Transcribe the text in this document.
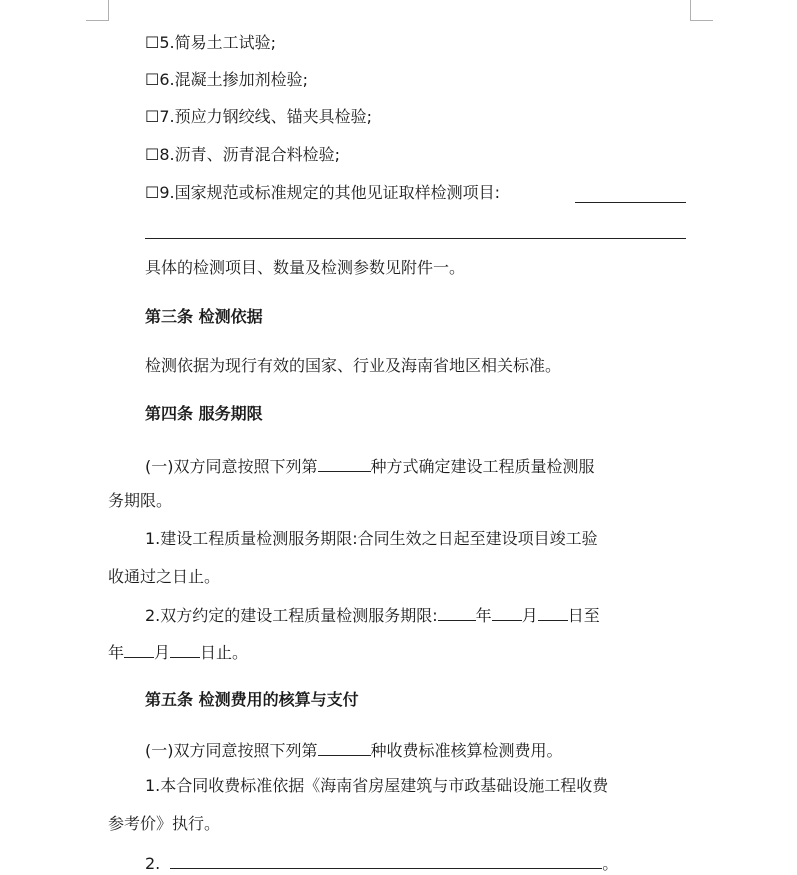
☐5.简易土工试验;
☐6.混凝土掺加剂检验;
☐7.预应力钢绞线、锚夹具检验;
☐8.沥青、沥青混合料检验;
☐9.国家规范或标准规定的其他见证取样检测项目:
具体的检测项目、数量及检测参数见附件一。
第三条 检测依据
检测依据为现行有效的国家、行业及海南省地区相关标准。
第四条 服务期限
(一)双方同意按照下列第	种方式确定建设工程质量检测服
务期限。
1.建设工程质量检测服务期限:合同生效之日起至建设项目竣工验
收通过之日止。
2.双方约定的建设工程质量检测服务期限: 年 月 日至
年 月 日止。
第五条 检测费用的核算与支付
(一)双方同意按照下列第	种收费标准核算检测费用。
1.本合同收费标准依据《海南省房屋建筑与市政基础设施工程收费
参考价》执行。
2.	。
